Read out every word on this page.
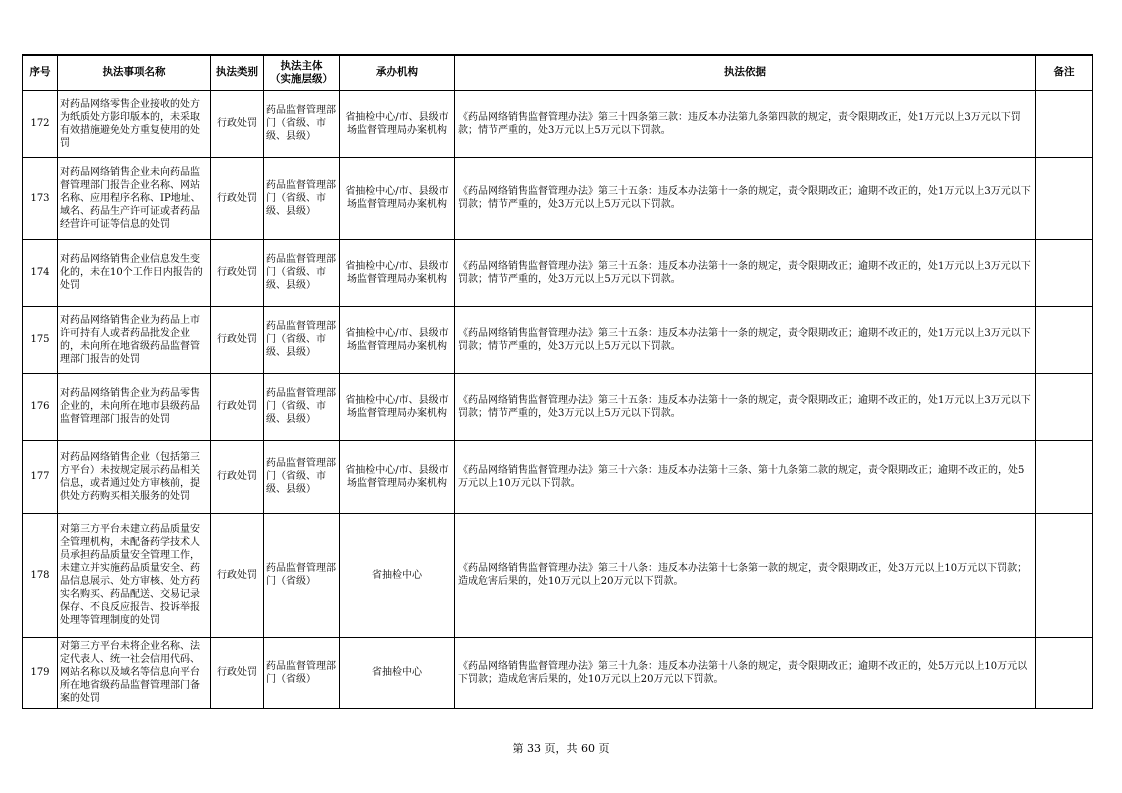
序号	执法事项名称	执法类别	执法主体
（实施层级）	承办机构	执法依据	备注
172	对药品网络零售企业接收的处方为纸质处方影印版本的，未采取有效措施避免处方重复使用的处罚	行政处罚	药品监督管理部门（省级、市级、县级）	省抽检中心/市、县级市场监督管理局办案机构	《药品网络销售监督管理办法》第三十四条第三款：违反本办法第九条第四款的规定，责令限期改正，处1万元以上3万元以下罚款；情节严重的，处3万元以上5万元以下罚款。	
173	对药品网络销售企业未向药品监督管理部门报告企业名称、网站名称、应用程序名称、IP地址、域名、药品生产许可证或者药品经营许可证等信息的处罚	行政处罚	药品监督管理部门（省级、市级、县级）	省抽检中心/市、县级市场监督管理局办案机构	《药品网络销售监督管理办法》第三十五条：违反本办法第十一条的规定，责令限期改正；逾期不改正的，处1万元以上3万元以下罚款；情节严重的，处3万元以上5万元以下罚款。	
174	对药品网络销售企业信息发生变化的，未在10个工作日内报告的处罚	行政处罚	药品监督管理部门（省级、市级、县级）	省抽检中心/市、县级市场监督管理局办案机构	《药品网络销售监督管理办法》第三十五条：违反本办法第十一条的规定，责令限期改正；逾期不改正的，处1万元以上3万元以下罚款；情节严重的，处3万元以上5万元以下罚款。	
175	对药品网络销售企业为药品上市许可持有人或者药品批发企业的，未向所在地省级药品监督管理部门报告的处罚	行政处罚	药品监督管理部门（省级、市级、县级）	省抽检中心/市、县级市场监督管理局办案机构	《药品网络销售监督管理办法》第三十五条：违反本办法第十一条的规定，责令限期改正；逾期不改正的，处1万元以上3万元以下罚款；情节严重的，处3万元以上5万元以下罚款。	
176	对药品网络销售企业为药品零售企业的，未向所在地市县级药品监督管理部门报告的处罚	行政处罚	药品监督管理部门（省级、市级、县级）	省抽检中心/市、县级市场监督管理局办案机构	《药品网络销售监督管理办法》第三十五条：违反本办法第十一条的规定，责令限期改正；逾期不改正的，处1万元以上3万元以下罚款；情节严重的，处3万元以上5万元以下罚款。	
177	对药品网络销售企业（包括第三方平台）未按规定展示药品相关信息，或者通过处方审核前，提供处方药购买相关服务的处罚	行政处罚	药品监督管理部门（省级、市级、县级）	省抽检中心/市、县级市场监督管理局办案机构	《药品网络销售监督管理办法》第三十六条：违反本办法第十三条、第十九条第二款的规定，责令限期改正；逾期不改正的，处5万元以上10万元以下罚款。	
178	对第三方平台未建立药品质量安全管理机构，未配备药学技术人员承担药品质量安全管理工作，未建立并实施药品质量安全、药品信息展示、处方审核、处方药实名购买、药品配送、交易记录保存、不良反应报告、投诉举报处理等管理制度的处罚	行政处罚	药品监督管理部门（省级）	省抽检中心	《药品网络销售监督管理办法》第三十八条：违反本办法第十七条第一款的规定，责令限期改正，处3万元以上10万元以下罚款；造成危害后果的，处10万元以上20万元以下罚款。	
179	对第三方平台未将企业名称、法定代表人、统一社会信用代码、网站名称以及域名等信息向平台所在地省级药品监督管理部门备案的处罚	行政处罚	药品监督管理部门（省级）	省抽检中心	《药品网络销售监督管理办法》第三十九条：违反本办法第十八条的规定，责令限期改正；逾期不改正的，处5万元以上10万元以下罚款；造成危害后果的，处10万元以上20万元以下罚款。	
第 33 页，共 60 页
